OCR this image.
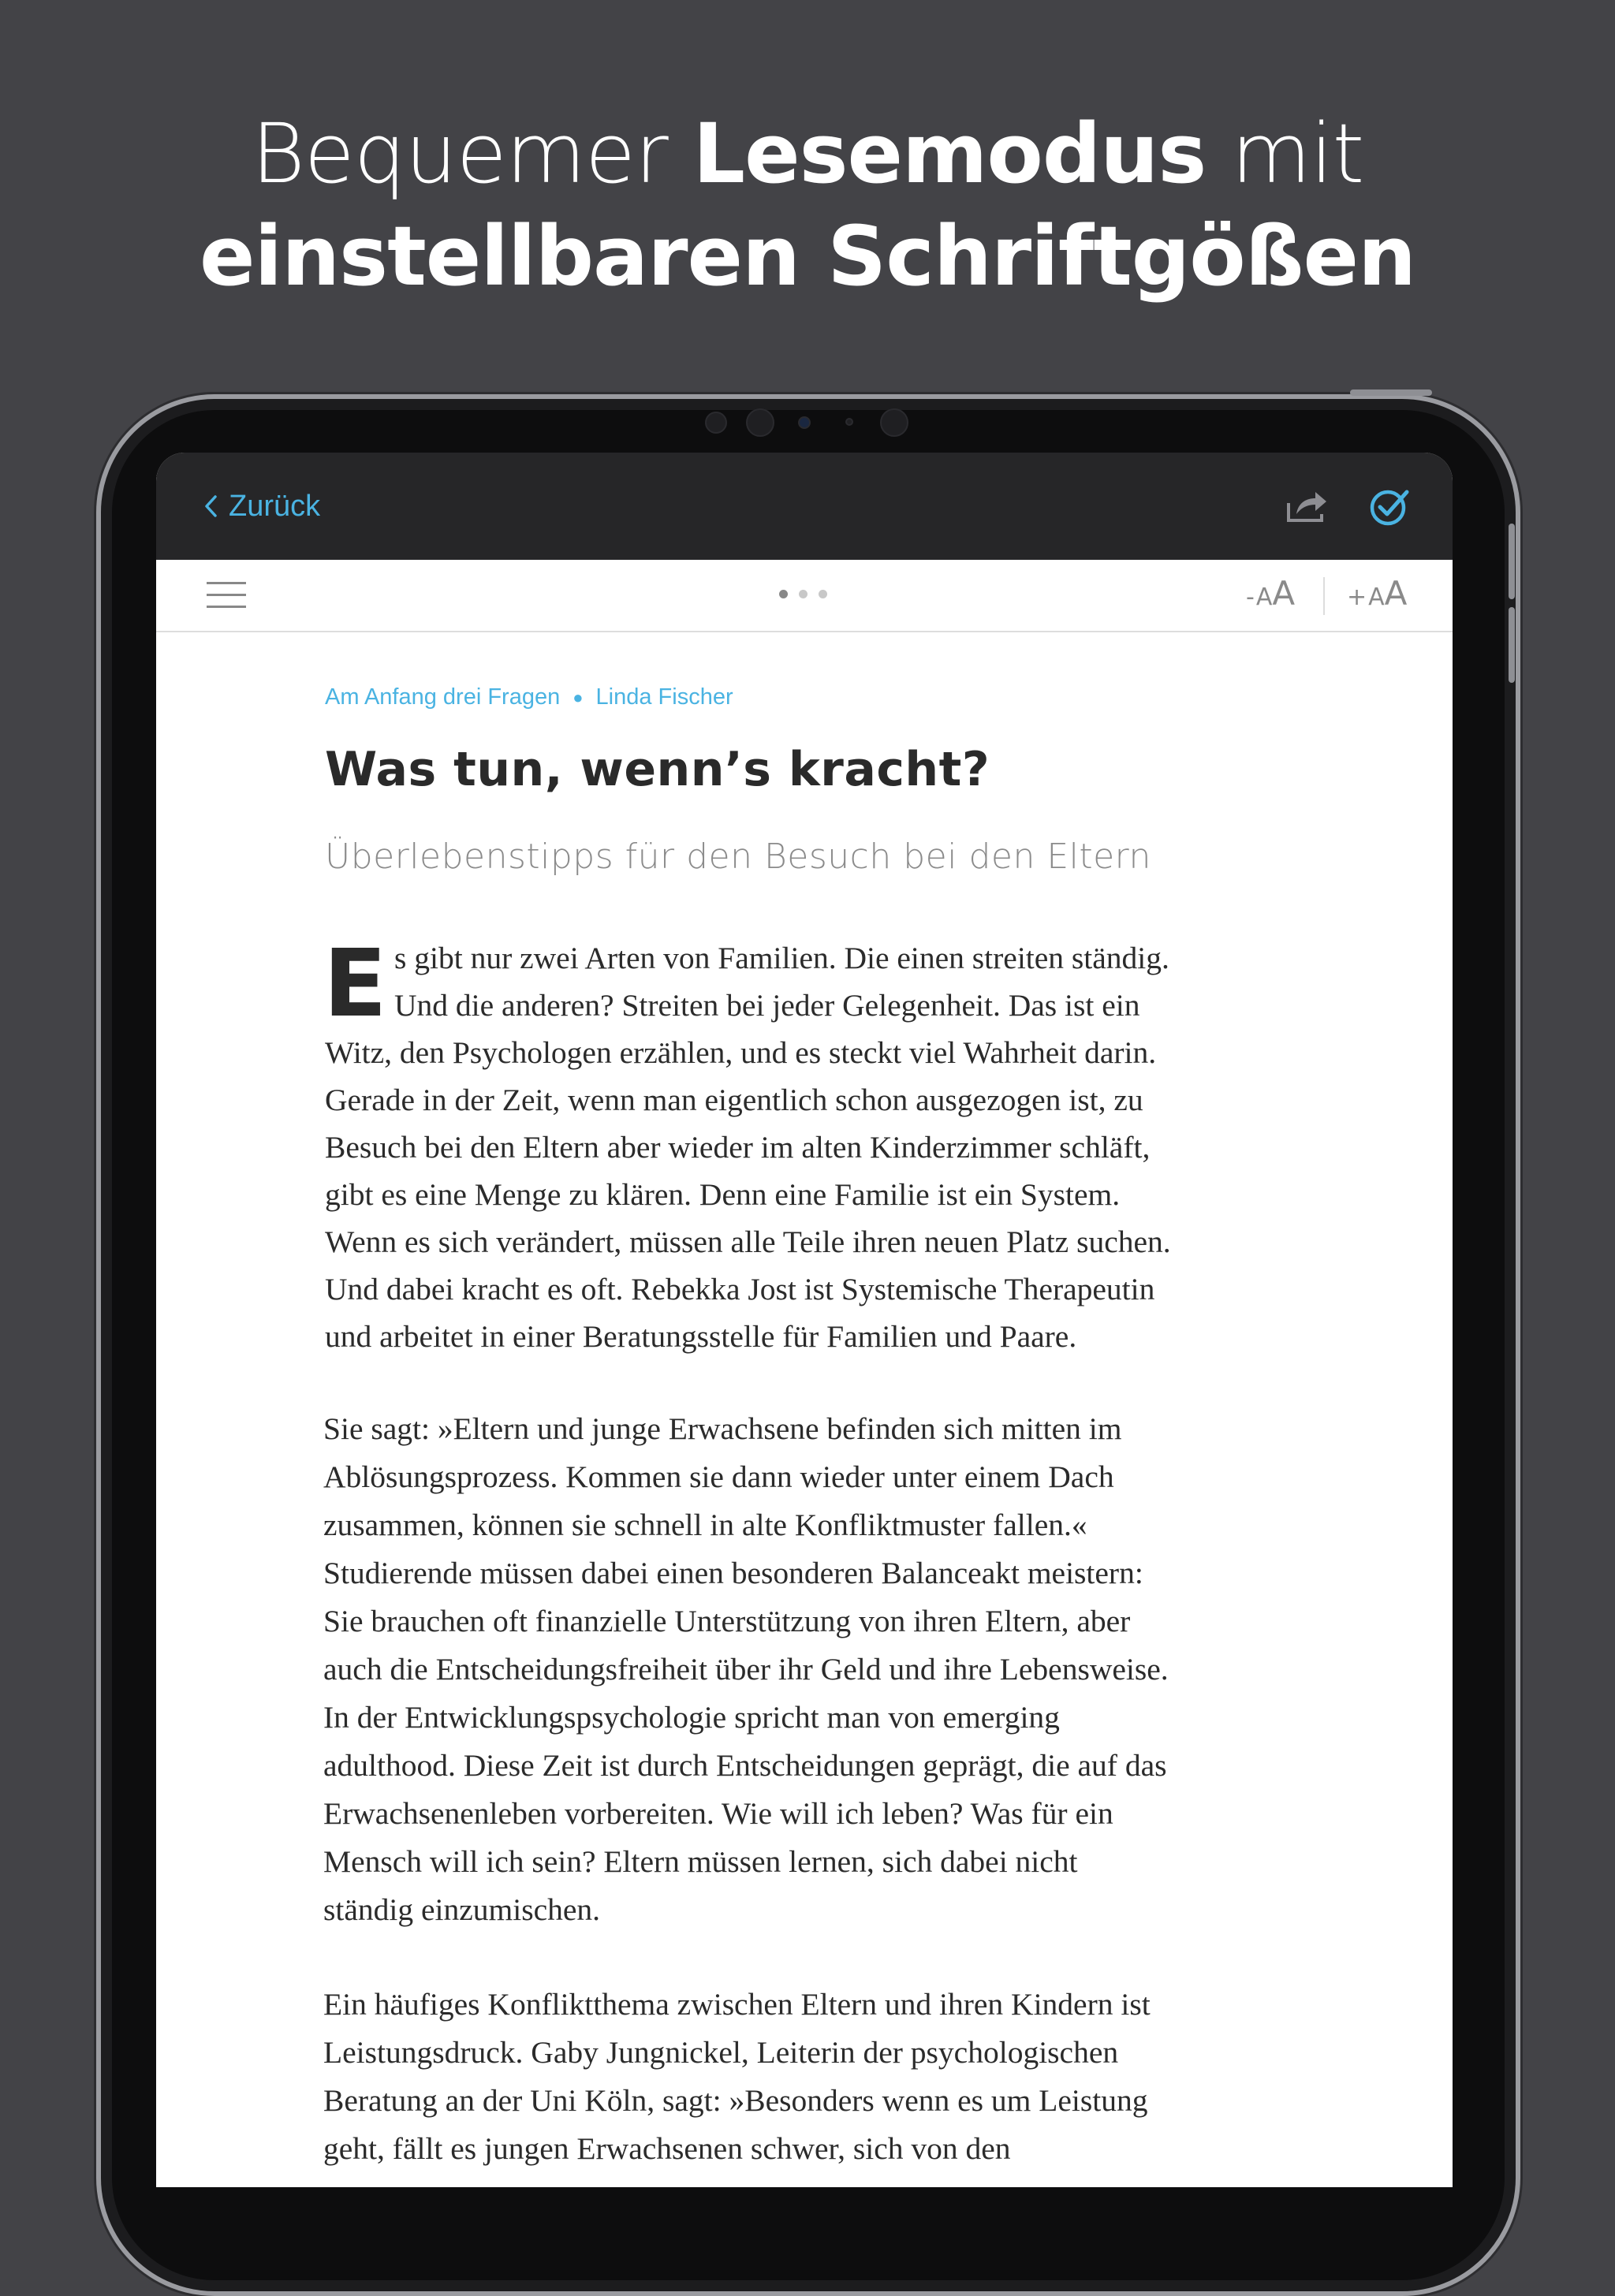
Bequemer Lesemodus mit
einstellbaren Schriftgößen
Zurück
- A A + A A
Am Anfang drei Fragen ● Linda Fischer
Was tun, wenn’s kracht?
Überlebenstipps für den Besuch bei den Eltern
E s gibt nur zwei Arten von Familien. Die einen streiten ständig.
Und die anderen? Streiten bei jeder Gelegenheit. Das ist ein
Witz, den Psychologen erzählen, und es steckt viel Wahrheit darin.
Gerade in der Zeit, wenn man eigentlich schon ausgezogen ist, zu
Besuch bei den Eltern aber wieder im alten Kinderzimmer schläft,
gibt es eine Menge zu klären. Denn eine Familie ist ein System.
Wenn es sich verändert, müssen alle Teile ihren neuen Platz suchen.
Und dabei kracht es oft. Rebekka Jost ist Systemische Therapeutin
und arbeitet in einer Beratungsstelle für Familien und Paare.
Sie sagt: »Eltern und junge Erwachsene befinden sich mitten im
Ablösungsprozess. Kommen sie dann wieder unter einem Dach
zusammen, können sie schnell in alte Konfliktmuster fallen.«
Studierende müssen dabei einen besonderen Balanceakt meistern:
Sie brauchen oft finanzielle Unterstützung von ihren Eltern, aber
auch die Entscheidungsfreiheit über ihr Geld und ihre Lebensweise.
In der Entwicklungspsychologie spricht man von emerging
adulthood. Diese Zeit ist durch Entscheidungen geprägt, die auf das
Erwachsenenleben vorbereiten. Wie will ich leben? Was für ein
Mensch will ich sein? Eltern müssen lernen, sich dabei nicht
ständig einzumischen.
Ein häufiges Konfliktthema zwischen Eltern und ihren Kindern ist
Leistungsdruck. Gaby Jungnickel, Leiterin der psychologischen
Beratung an der Uni Köln, sagt: »Besonders wenn es um Leistung
geht, fällt es jungen Erwachsenen schwer, sich von den
